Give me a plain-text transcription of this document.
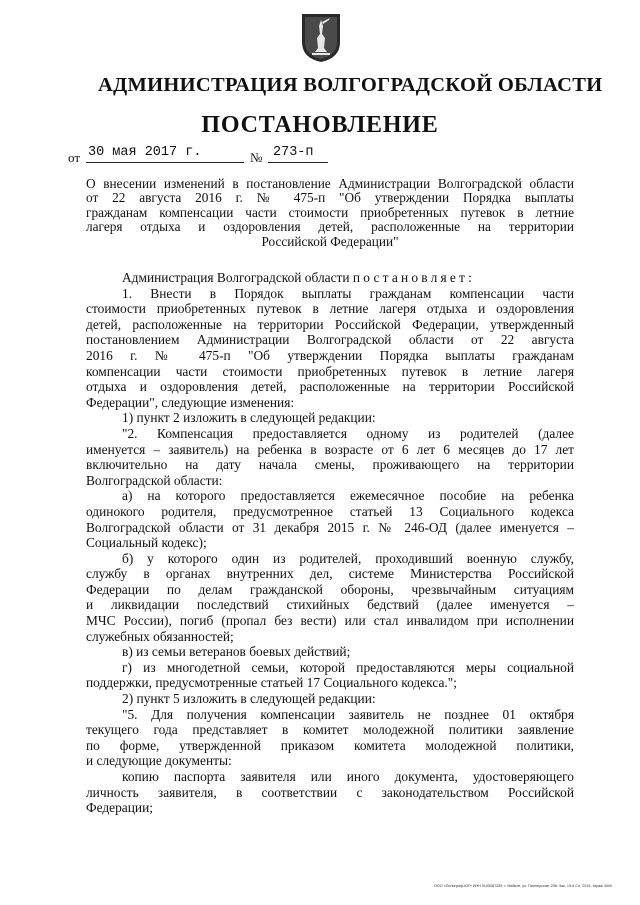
АДМИНИСТРАЦИЯ ВОЛГОГРАДСКОЙ ОБЛАСТИ
ПОСТАНОВЛЕНИЕ
от 30 мая 2017 г.	№ 273-п
О внесении изменений в постановление Администрации Волгоградской области
от 22 августа 2016 г. № 475-п "Об утверждении Порядка выплаты
гражданам компенсации части стоимости приобретенных путевок в летние
лагеря отдыха и оздоровления детей, расположенные на территории
Российской Федерации"
Администрация Волгоградской области постановляет:
1. Внести в Порядок выплаты гражданам компенсации части
стоимости приобретенных путевок в летние лагеря отдыха и оздоровления
детей, расположенные на территории Российской Федерации, утвержденный
постановлением Администрации Волгоградской области от 22 августа
2016 г. № 475-п "Об утверждении Порядка выплаты гражданам
компенсации части стоимости приобретенных путевок в летние лагеря
отдыха и оздоровления детей, расположенные на территории Российской
Федерации", следующие изменения:
1) пункт 2 изложить в следующей редакции:
"2. Компенсация предоставляется одному из родителей (далее
именуется – заявитель) на ребенка в возрасте от 6 лет 6 месяцев до 17 лет
включительно на дату начала смены, проживающего на территории
Волгоградской области:
а) на которого предоставляется ежемесячное пособие на ребенка
одинокого родителя, предусмотренное статьей 13 Социального кодекса
Волгоградской области от 31 декабря 2015 г. № 246-ОД (далее именуется –
Социальный кодекс);
б) у которого один из родителей, проходивший военную службу,
службу в органах внутренних дел, системе Министерства Российской
Федерации по делам гражданской обороны, чрезвычайным ситуациям
и ликвидации последствий стихийных бедствий (далее именуется –
МЧС России), погиб (пропал без вести) или стал инвалидом при исполнении
служебных обязанностей;
в) из семьи ветеранов боевых действий;
г) из многодетной семьи, которой предоставляются меры социальной
поддержки, предусмотренные статьей 17 Социального кодекса.";
2) пункт 5 изложить в следующей редакции:
"5. Для получения компенсации заявитель не позднее 01 октября
текущего года представляет в комитет молодежной политики заявление
по форме, утвержденной приказом комитета молодежной политики,
и следующие документы:
копию паспорта заявителя или иного документа, удостоверяющего
личность заявителя, в соответствии с законодательством Российской
Федерации;
ООО «Полиграф-ЮГ» ИНН 0105067269, г. Майкоп, ул. Пионерская, 298. Зак. 19-6 Сл, 2015, тираж 4000
